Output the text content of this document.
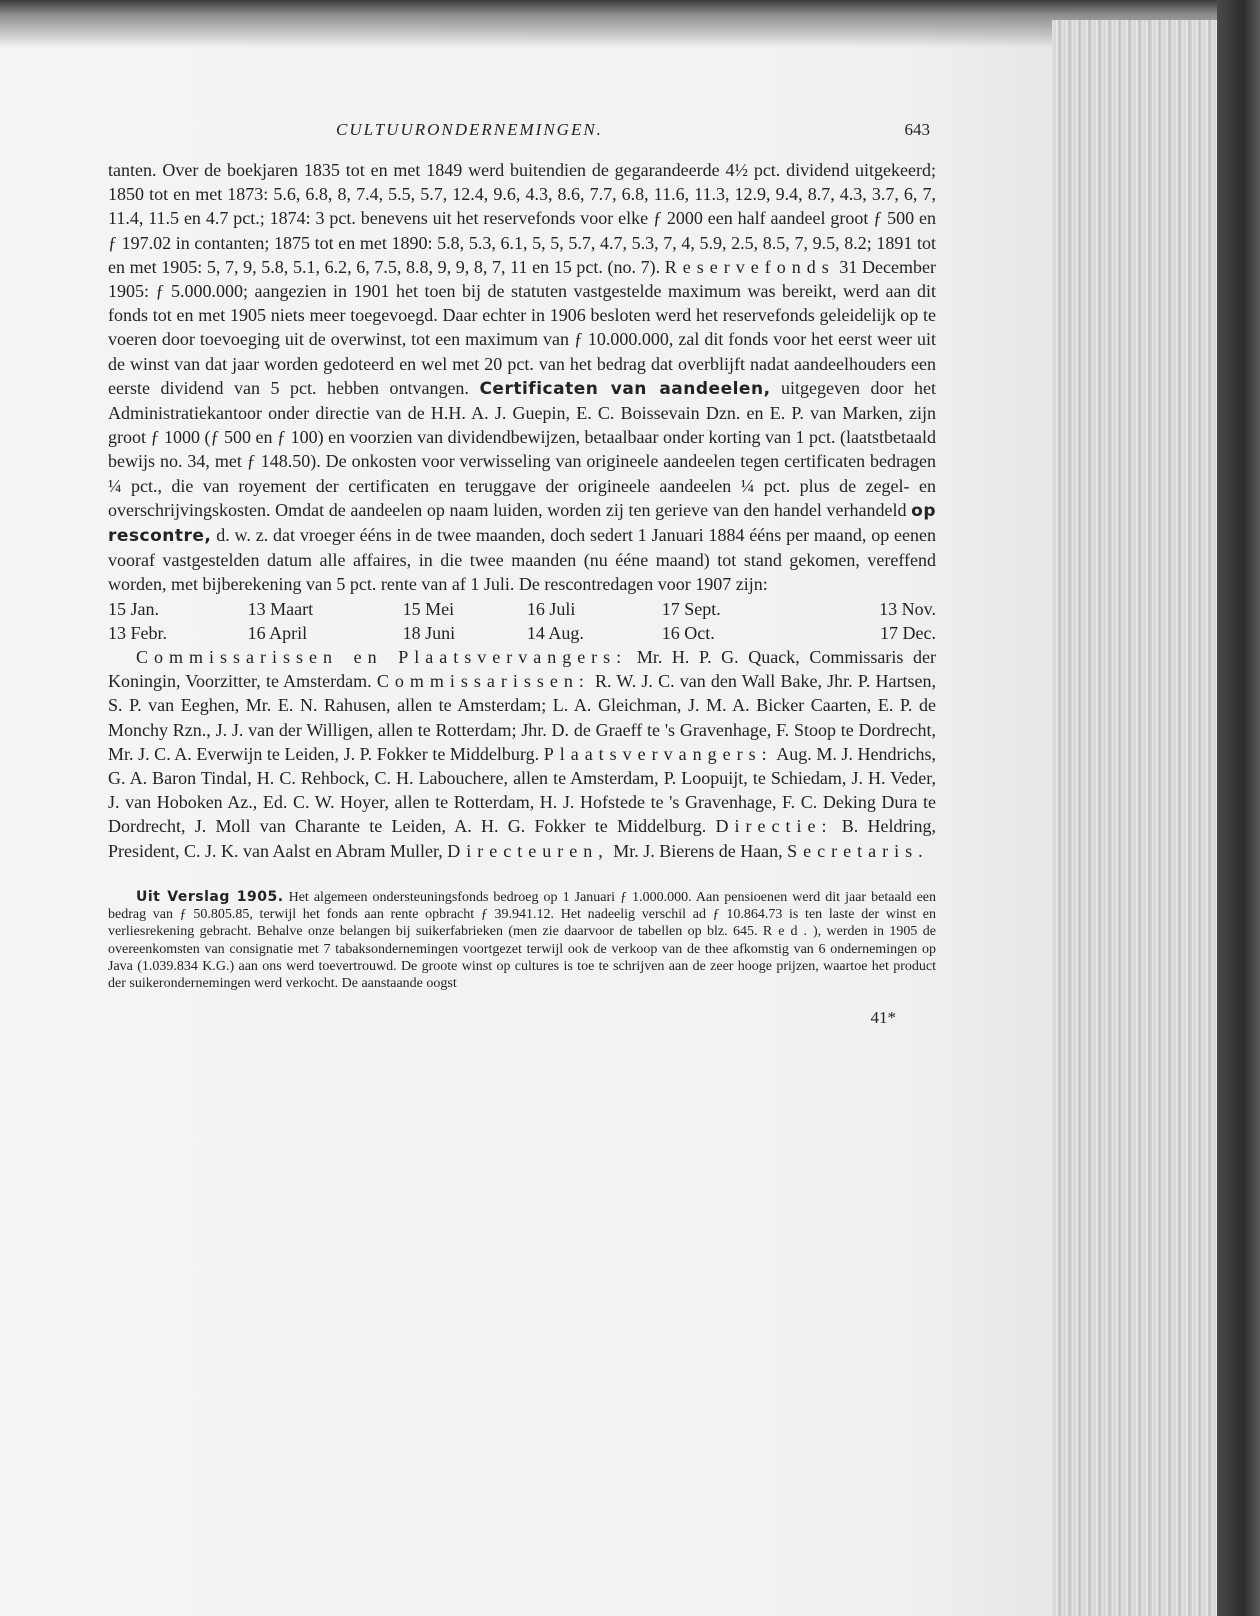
CULTUURONDERNEMINGEN.	643

tanten. Over de boekjaren 1835 tot en met 1849 werd buitendien de gegarandeerde 4½ pct. dividend uitgekeerd; 1850 tot en met 1873: 5.6, 6.8, 8, 7.4, 5.5, 5.7, 12.4, 9.6, 4.3, 8.6, 7.7, 6.8, 11.6, 11.3, 12.9, 9.4, 8.7, 4.3, 3.7, 6, 7, 11.4, 11.5 en 4.7 pct.; 1874: 3 pct. benevens uit het reservefonds voor elke ƒ 2000 een half aandeel groot ƒ 500 en ƒ 197.02 in contanten; 1875 tot en met 1890: 5.8, 5.3, 6.1, 5, 5, 5.7, 4.7, 5.3, 7, 4, 5.9, 2.5, 8.5, 7, 9.5, 8.2; 1891 tot en met 1905: 5, 7, 9, 5.8, 5.1, 6.2, 6, 7.5, 8.8, 9, 9, 8, 7, 11 en 15 pct. (no. 7). Reservefonds 31 December 1905: ƒ 5.000.000; aangezien in 1901 het toen bij de statuten vastgestelde maximum was bereikt, werd aan dit fonds tot en met 1905 niets meer toegevoegd. Daar echter in 1906 besloten werd het reservefonds geleidelijk op te voeren door toevoeging uit de overwinst, tot een maximum van ƒ 10.000.000, zal dit fonds voor het eerst weer uit de winst van dat jaar worden gedoteerd en wel met 20 pct. van het bedrag dat overblijft nadat aandeelhouders een eerste dividend van 5 pct. hebben ontvangen. Certificaten van aandeelen, uitgegeven door het Administratiekantoor onder directie van de H.H. A. J. Guepin, E. C. Boissevain Dzn. en E. P. van Marken, zijn groot ƒ 1000 (ƒ 500 en ƒ 100) en voorzien van dividendbewijzen, betaalbaar onder korting van 1 pct. (laatstbetaald bewijs no. 34, met ƒ 148.50). De onkosten voor verwisseling van origineele aandeelen tegen certificaten bedragen ¼ pct., die van royement der certificaten en teruggave der origineele aandeelen ¼ pct. plus de zegel- en overschrijvingskosten. Omdat de aandeelen op naam luiden, worden zij ten gerieve van den handel verhandeld op rescontre, d. w. z. dat vroeger ééns in de twee maanden, doch sedert 1 Januari 1884 ééns per maand, op eenen vooraf vastgestelden datum alle affaires, in die twee maanden (nu ééne maand) tot stand gekomen, vereffend worden, met bijberekening van 5 pct. rente van af 1 Juli. De rescontredagen voor 1907 zijn:

15 Jan.	13 Maart	15 Mei	16 Juli	17 Sept.	13 Nov.
13 Febr.	16 April	18 Juni	14 Aug.	16 Oct.	17 Dec.

Commissarissen en Plaatsvervangers: Mr. H. P. G. Quack, Commissaris der Koningin, Voorzitter, te Amsterdam. Commissarissen: R. W. J. C. van den Wall Bake, Jhr. P. Hartsen, S. P. van Eeghen, Mr. E. N. Rahusen, allen te Amsterdam; L. A. Gleichman, J. M. A. Bicker Caarten, E. P. de Monchy Rzn., J. J. van der Willigen, allen te Rotterdam; Jhr. D. de Graeff te 's Gravenhage, F. Stoop te Dordrecht, Mr. J. C. A. Everwijn te Leiden, J. P. Fokker te Middelburg. Plaatsvervangers: Aug. M. J. Hendrichs, G. A. Baron Tindal, H. C. Rehbock, C. H. Labouchere, allen te Amsterdam, P. Loopuijt, te Schiedam, J. H. Veder, J. van Hoboken Az., Ed. C. W. Hoyer, allen te Rotterdam, H. J. Hofstede te 's Gravenhage, F. C. Deking Dura te Dordrecht, J. Moll van Charante te Leiden, A. H. G. Fokker te Middelburg. Directie: B. Heldring, President, C. J. K. van Aalst en Abram Muller, Directeuren, Mr. J. Bierens de Haan, Secretaris.

Uit Verslag 1905. Het algemeen ondersteuningsfonds bedroeg op 1 Januari ƒ 1.000.000. Aan pensioenen werd dit jaar betaald een bedrag van ƒ 50.805.85, terwijl het fonds aan rente opbracht ƒ 39.941.12. Het nadeelig verschil ad ƒ 10.864.73 is ten laste der winst en verliesrekening gebracht. Behalve onze belangen bij suikerfabrieken (men zie daarvoor de tabellen op blz. 645. Red.), werden in 1905 de overeenkomsten van consignatie met 7 tabaksondernemingen voortgezet terwijl ook de verkoop van de thee afkomstig van 6 ondernemingen op Java (1.039.834 K.G.) aan ons werd toevertrouwd. De groote winst op cultures is toe te schrijven aan de zeer hooge prijzen, waartoe het product der suikerondernemingen werd verkocht. De aanstaande oogst

41*
